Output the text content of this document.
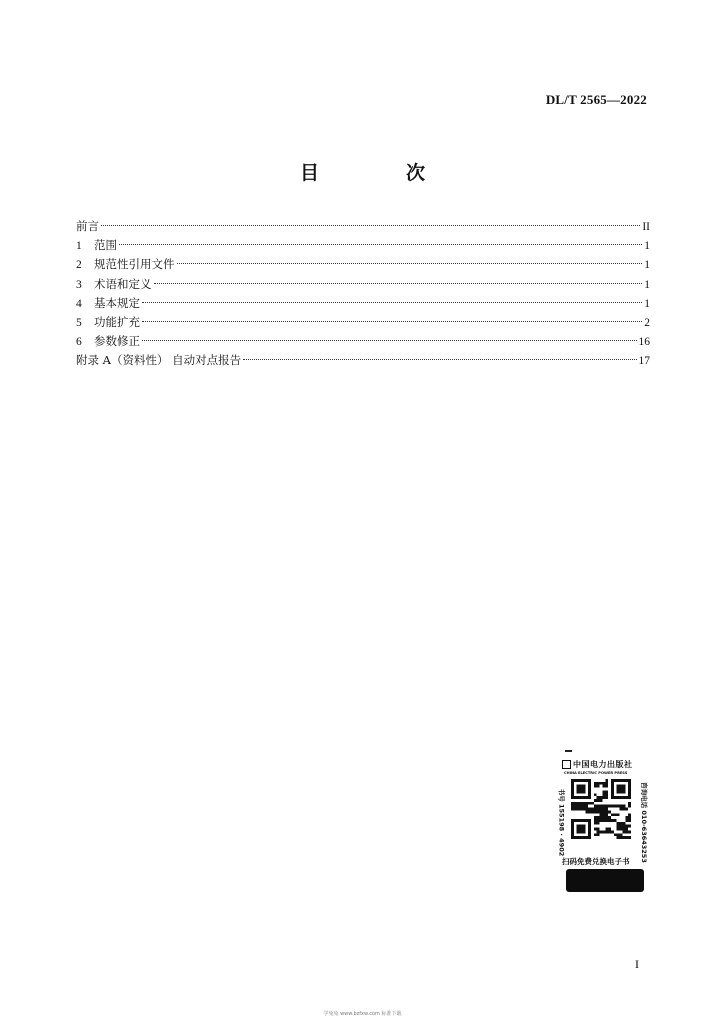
DL/T 2565—2022
目　次
前言	II
1	范围	1
2	规范性引用文件	1
3	术语和定义	1
4	基本规定	1
5	功能扩充	2
6	参数修正	16
附录 A（资料性） 自动对点报告	17
中国电力出版社
CHINA ELECTRIC POWER PRESS
书号 155198 · 4902	咨询电话 010-63643253
扫码免费兑换电子书
I
学兔兔 www.bzfxw.com 标准下载
